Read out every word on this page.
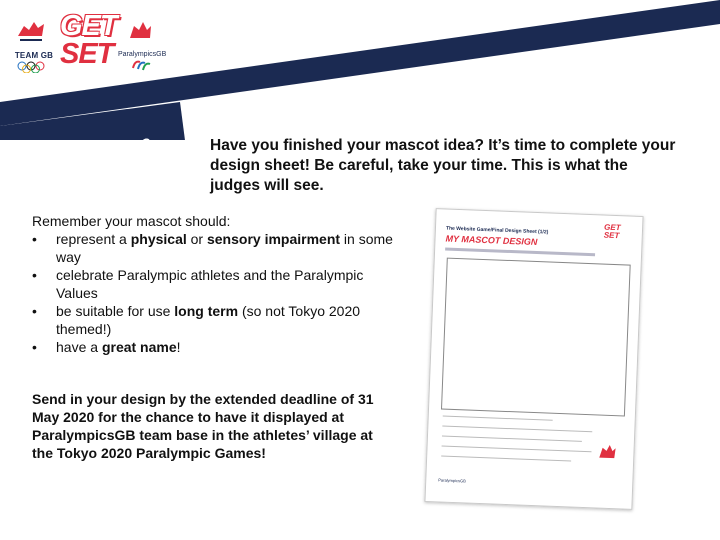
TEAM GB
GET
SET ParalympicsGB
Are you ready?	Have you finished your mascot idea? It’s time to complete your design sheet! Be careful, take your time. This is what the judges will see.
Remember your mascot should:
• represent a physical or sensory impairment in some way
• celebrate Paralympic athletes and the Paralympic Values
• be suitable for use long term (so not Tokyo 2020 themed!)
• have a great name!
Send in your design by the extended deadline of 31 May 2020 for the chance to have it displayed at ParalympicsGB team base in the athletes’ village at the Tokyo 2020 Paralympic Games!
The Website Game/Final Design Sheet (1/2)
MY MASCOT DESIGN
GET
SET
ParalympicsGB
